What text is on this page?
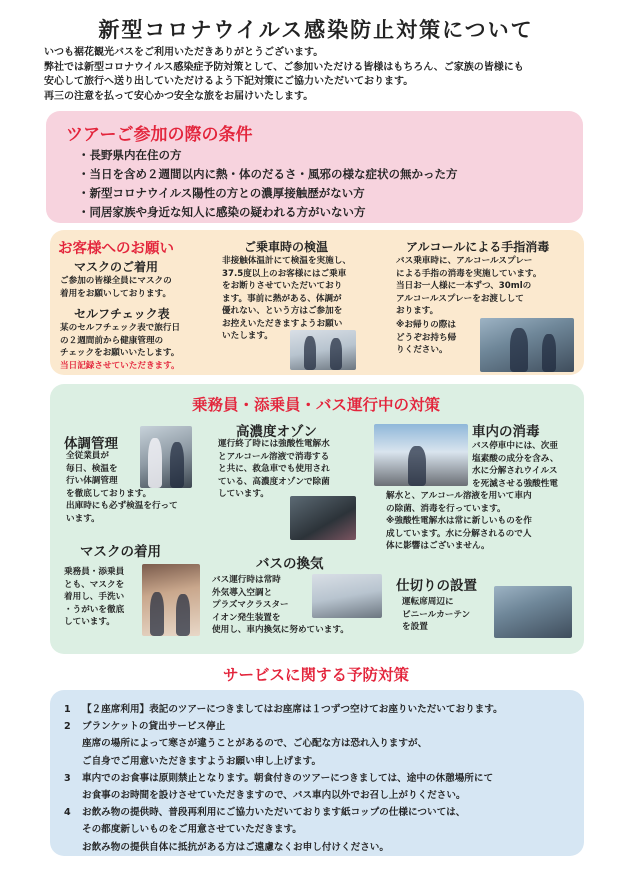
新型コロナウイルス感染防止対策について
いつも裾花観光バスをご利用いただきありがとうございます。
弊社では新型コロナウイルス感染症予防対策として、ご参加いただける皆様はもちろん、ご家族の皆様にも
安心して旅行へ送り出していただけるよう下記対策にご協力いただいております。
再三の注意を払って安心かつ安全な旅をお届けいたします。
ツアーご参加の際の条件
・長野県内在住の方
・当日を含め２週間以内に熱・体のだるさ・風邪の様な症状の無かった方
・新型コロナウイルス陽性の方との濃厚接触歴がない方
・同居家族や身近な知人に感染の疑われる方がいない方
お客様へのお願い
マスクのご着用
ご参加の皆様全員にマスクの
着用をお願いしております。
セルフチェック表
某のセルフチェック表で旅行日
の２週間前から健康管理の
チェックをお願いいたします。
当日記録させていただきます。
ご乗車時の検温
非接触体温計にて検温を実施し、
37.5度以上のお客様にはご乗車
をお断りさせていただいており
ます。事前に熱がある、体調が
優れない、という方はご参加を
お控えいただきますようお願い
いたします。
アルコールによる手指消毒
バス乗車時に、アルコールスプレー
による手指の消毒を実施しています。
当日お一人様に一本ずつ、30mlの
アルコールスプレーをお渡しして
おります。
※お帰りの際は
どうぞお持ち帰
りください。
乗務員・添乗員・バス運行中の対策
体調管理
全従業員が
毎日、検温を
行い体調管理
を徹底しております。
出庫時にも必ず検温を行って
います。
高濃度オゾン
運行終了時には強酸性電解水
とアルコール溶液で消毒する
と共に、救急車でも使用され
ている、高濃度オゾンで除菌
しています。
車内の消毒
バス停車中には、次亜
塩素酸の成分を含み、
水に分解されウイルス
を死滅させる強酸性電
解水と、アルコール溶液を用いて車内
の除菌、消毒を行っています。
※強酸性電解水は常に新しいものを作
成しています。水に分解されるので人
体に影響はございません。
マスクの着用
乗務員・添乗員
とも、マスクを
着用し、手洗い
・うがいを徹底
しています。
バスの換気
バス運行時は常時
外気導入空調と
プラズマクラスター
イオン発生装置を
使用し、車内換気に努めています。
仕切りの設置
運転席周辺に
ビニールカーテン
を設置
サービスに関する予防対策
1	【２座席利用】表記のツアーにつきましてはお座席は１つずつ空けてお座りいただいております。
2	ブランケットの貸出サービス停止
座席の場所によって寒さが違うことがあるので、ご心配な方は恐れ入りますが、
ご自身でご用意いただきますようお願い申し上げます。
3	車内でのお食事は原則禁止となります。朝食付きのツアーにつきましては、途中の休憩場所にて
お食事のお時間を設けさせていただきますので、バス車内以外でお召し上がりください。
4	お飲み物の提供時、普段再利用にご協力いただいております紙コップの仕様については、
その都度新しいものをご用意させていただきます。
お飲み物の提供自体に抵抗がある方はご遠慮なくお申し付けください。
